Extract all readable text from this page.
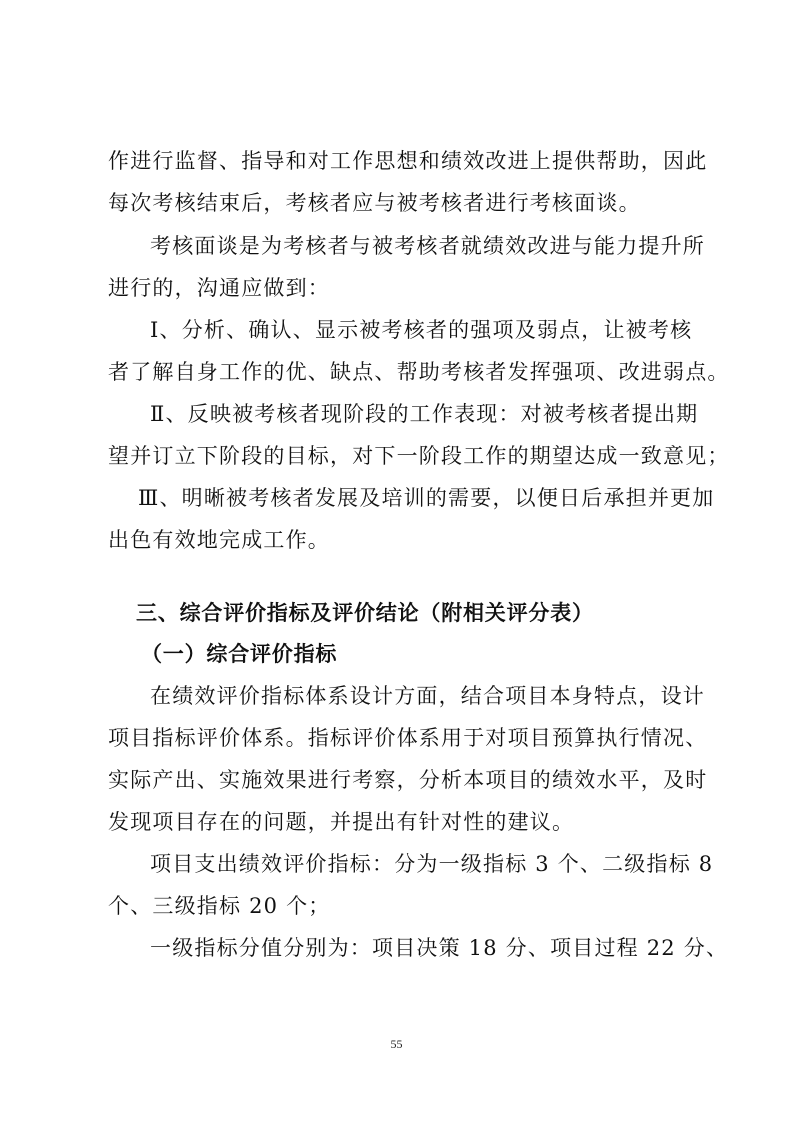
作进行监督、指导和对工作思想和绩效改进上提供帮助，因此
每次考核结束后，考核者应与被考核者进行考核面谈。
考核面谈是为考核者与被考核者就绩效改进与能力提升所
进行的，沟通应做到：
Ⅰ、分析、确认、显示被考核者的强项及弱点，让被考核
者了解自身工作的优、缺点、帮助考核者发挥强项、改进弱点。
Ⅱ、反映被考核者现阶段的工作表现：对被考核者提出期
望并订立下阶段的目标，对下一阶段工作的期望达成一致意见；
Ⅲ、明晰被考核者发展及培训的需要，以便日后承担并更加
出色有效地完成工作。
三、综合评价指标及评价结论（附相关评分表）
（一）综合评价指标
在绩效评价指标体系设计方面，结合项目本身特点，设计
项目指标评价体系。指标评价体系用于对项目预算执行情况、
实际产出、实施效果进行考察，分析本项目的绩效水平，及时
发现项目存在的问题，并提出有针对性的建议。
项目支出绩效评价指标：分为一级指标 3 个、二级指标 8
个、三级指标 20 个；
一级指标分值分别为：项目决策 18 分、项目过程 22 分、
55
